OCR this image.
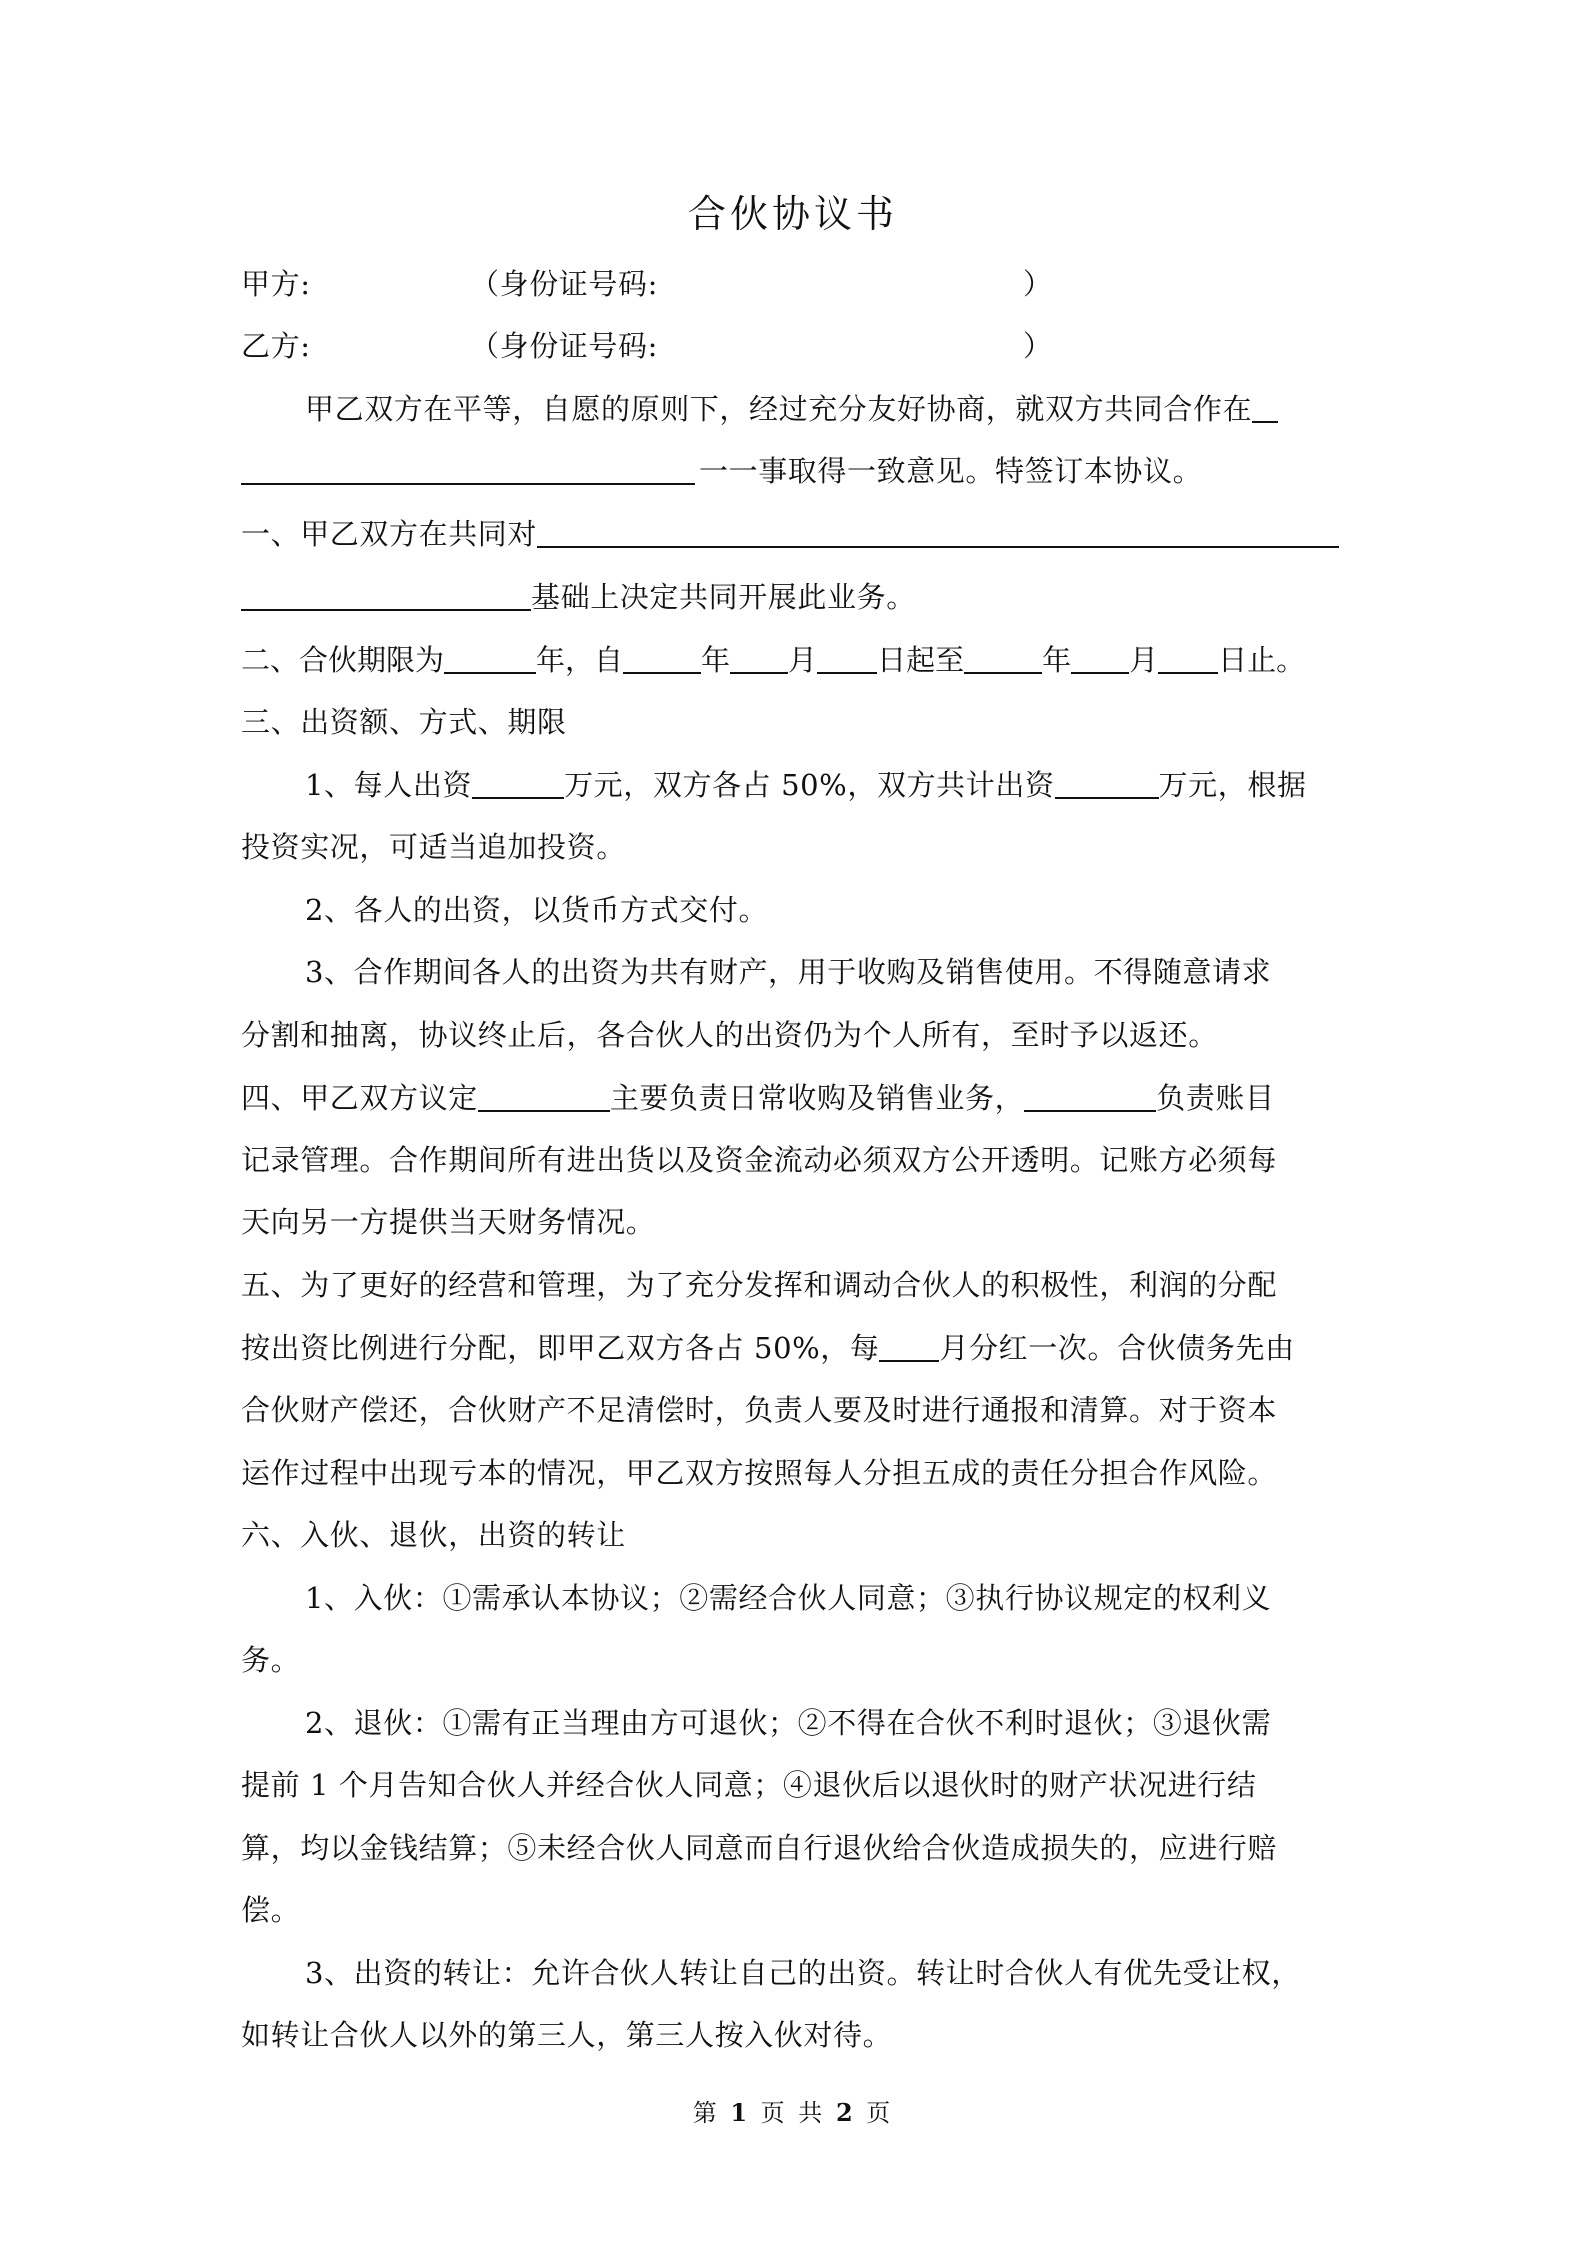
合伙协议书
甲方:	（身份证号码:	）
乙方:	（身份证号码:	）
甲乙双方在平等，自愿的原则下，经过充分友好协商，就双方共同合作在
一一事取得一致意见。特签订本协议。
一、甲乙双方在共同对
基础上决定共同开展此业务。
二、合伙期限为	年，自	年 月 日起至	年 月 日止。
三、出资额、方式、期限
1、每人出资	万元，双方各占 50%，双方共计出资	万元，根据
投资实况，可适当追加投资。
2、各人的出资，以货币方式交付。
3、合作期间各人的出资为共有财产，用于收购及销售使用。不得随意请求
分割和抽离，协议终止后，各合伙人的出资仍为个人所有，至时予以返还。
四、甲乙双方议定	主要负责日常收购及销售业务，	负责账目
记录管理。合作期间所有进出货以及资金流动必须双方公开透明。记账方必须每
天向另一方提供当天财务情况。
五、为了更好的经营和管理，为了充分发挥和调动合伙人的积极性，利润的分配
按出资比例进行分配，即甲乙双方各占 50%，每 月分红一次。合伙债务先由
合伙财产偿还，合伙财产不足清偿时，负责人要及时进行通报和清算。对于资本
运作过程中出现亏本的情况，甲乙双方按照每人分担五成的责任分担合作风险。
六、入伙、退伙，出资的转让
1、入伙：①需承认本协议；②需经合伙人同意；③执行协议规定的权利义
务。
2、退伙：①需有正当理由方可退伙；②不得在合伙不利时退伙；③退伙需
提前 1 个月告知合伙人并经合伙人同意；④退伙后以退伙时的财产状况进行结
算，均以金钱结算；⑤未经合伙人同意而自行退伙给合伙造成损失的，应进行赔
偿。
3、出资的转让：允许合伙人转让自己的出资。转让时合伙人有优先受让权，
如转让合伙人以外的第三人，第三人按入伙对待。
第 1 页 共 2 页
